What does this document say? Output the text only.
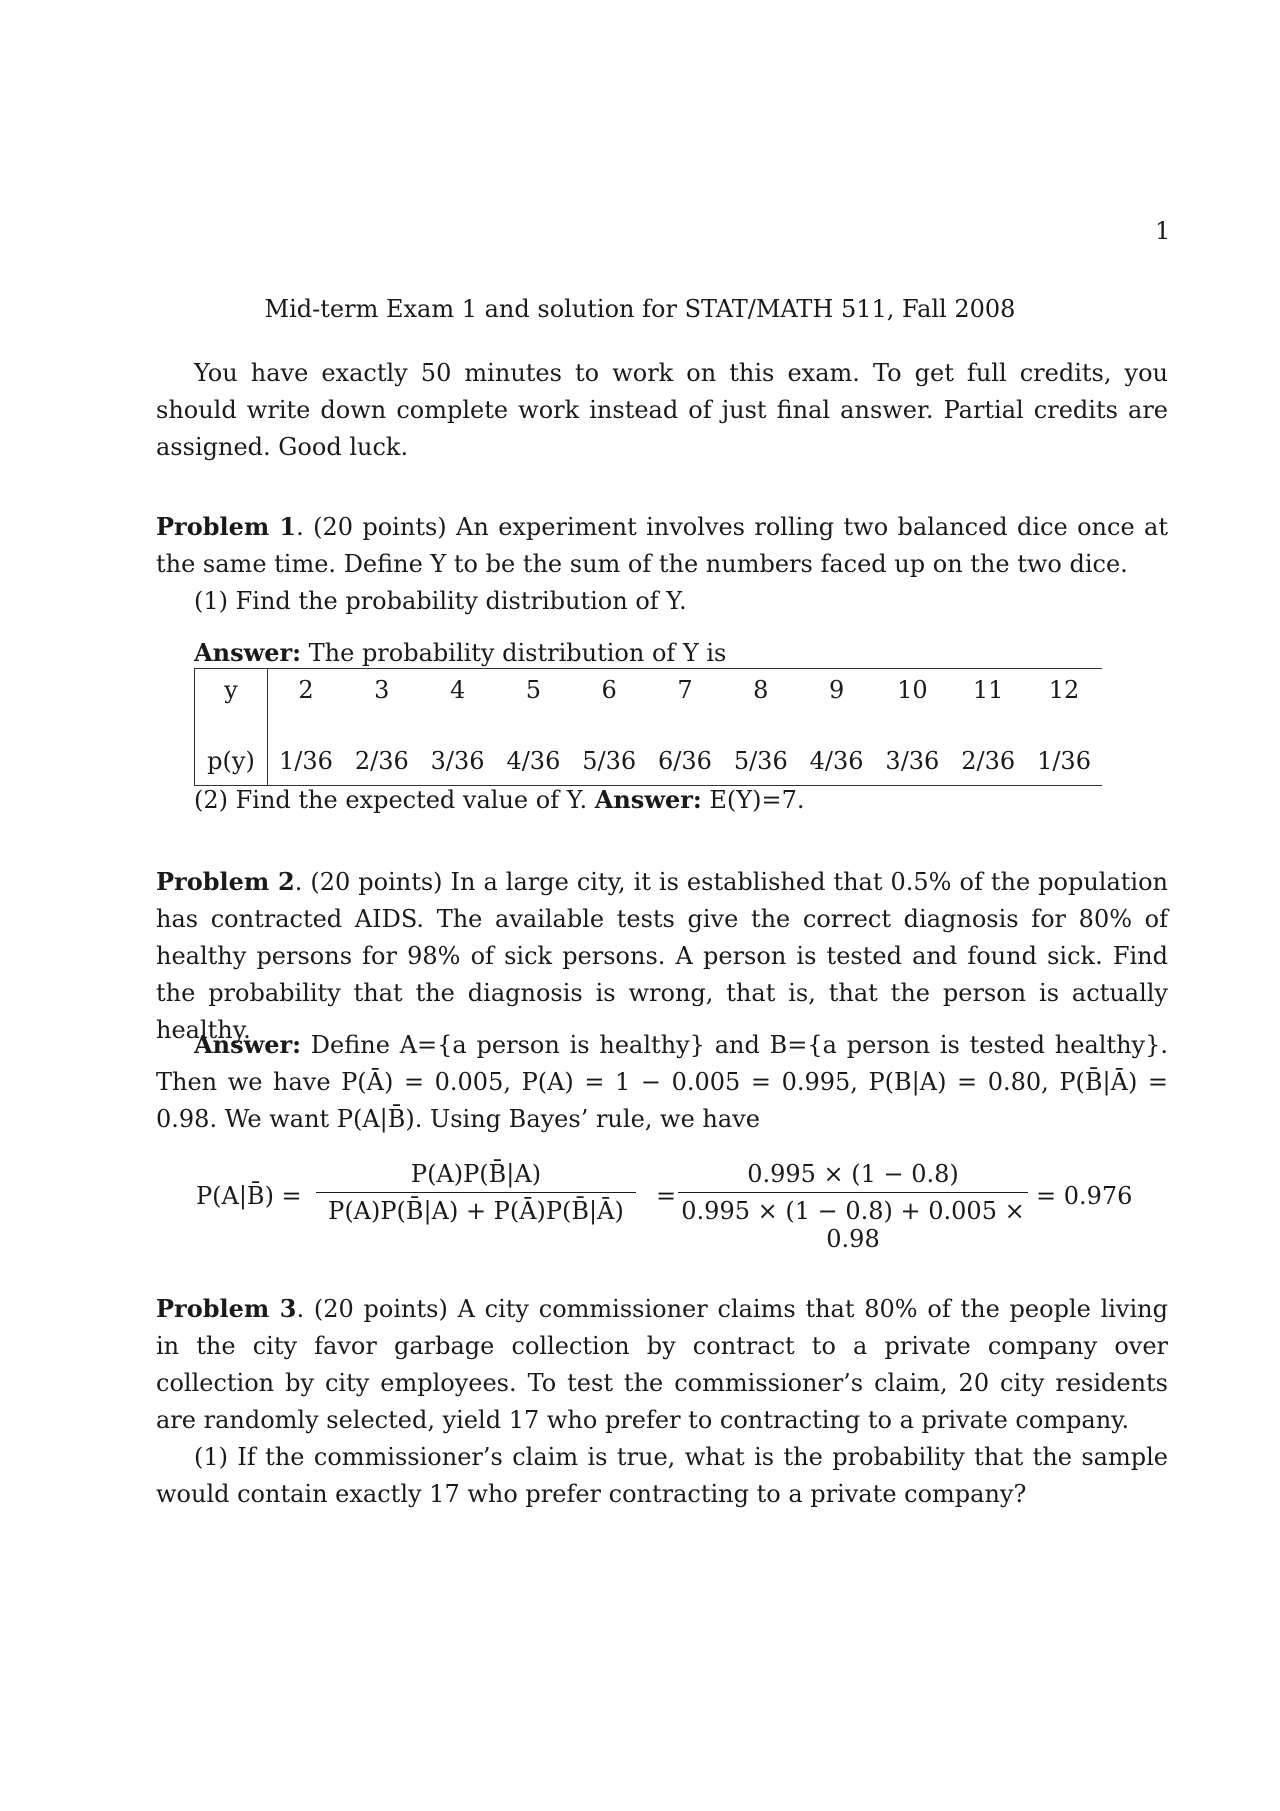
1
Mid-term Exam 1 and solution for STAT/MATH 511, Fall 2008
You have exactly 50 minutes to work on this exam. To get full credits, you should write down complete work instead of just final answer. Partial credits are assigned. Good luck.
Problem 1. (20 points) An experiment involves rolling two balanced dice once at the same time. Define Y to be the sum of the numbers faced up on the two dice.
(1) Find the probability distribution of Y.
Answer: The probability distribution of Y is
y	2	3	4	5	6	7	8	9	10	11	12
p(y)	1/36	2/36	3/36	4/36	5/36	6/36	5/36	4/36	3/36	2/36	1/36
(2) Find the expected value of Y. Answer: E(Y)=7.
Problem 2. (20 points) In a large city, it is established that 0.5% of the population has contracted AIDS. The available tests give the correct diagnosis for 80% of healthy persons for 98% of sick persons. A person is tested and found sick. Find the probability that the diagnosis is wrong, that is, that the person is actually healthy.
Answer: Define A={a person is healthy} and B={a person is tested healthy}. Then we have P(Ā) = 0.005, P(A) = 1 − 0.005 = 0.995, P(B|A) = 0.80, P(B̄|Ā) = 0.98. We want P(A|B̄). Using Bayes’ rule, we have
P(A|B̄) = $\frac{P(A)P(B̄|A)}{P(A)P(B̄|A) + P(Ā)P(B̄|Ā)} = \frac{0.995 \times (1 - 0.8)}{0.995 \times (1 - 0.8) + 0.005 \times 0.98} = 0.976$
Problem 3. (20 points) A city commissioner claims that 80% of the people living in the city favor garbage collection by contract to a private company over collection by city employees. To test the commissioner’s claim, 20 city residents are randomly selected, yield 17 who prefer to contracting to a private company.
(1) If the commissioner’s claim is true, what is the probability that the sample would contain exactly 17 who prefer contracting to a private company?
